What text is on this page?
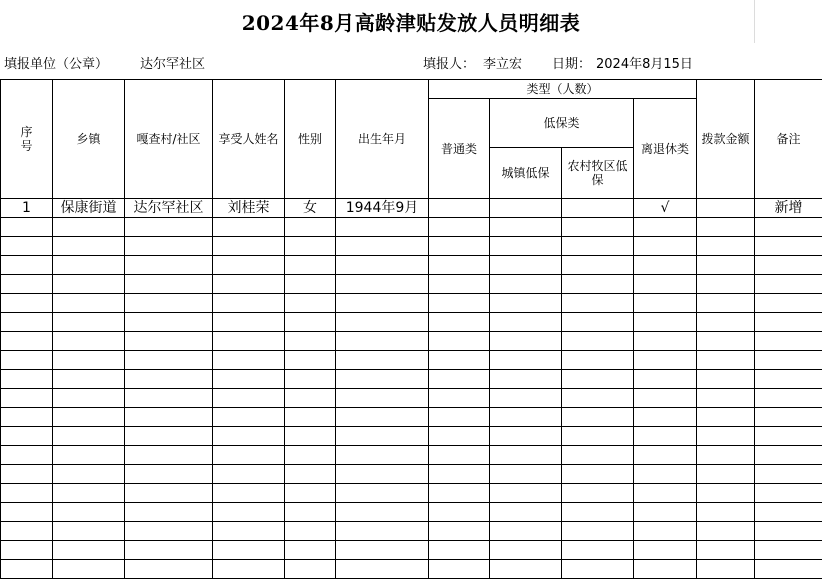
2024年8月高龄津贴发放人员明细表
填报单位（公章） 达尔罕社区	填报人： 李立宏 日期： 2024年8月15日
序
号	乡镇	嘎查村/社区	享受人姓名	性别	出生年月	类型（人数）				拨款金额	备注
						普通类	低保类		离退休类		
							城镇低保	农村牧区低保			
1	保康街道	达尔罕社区	刘桂荣	女	1944年9月				√		新增
